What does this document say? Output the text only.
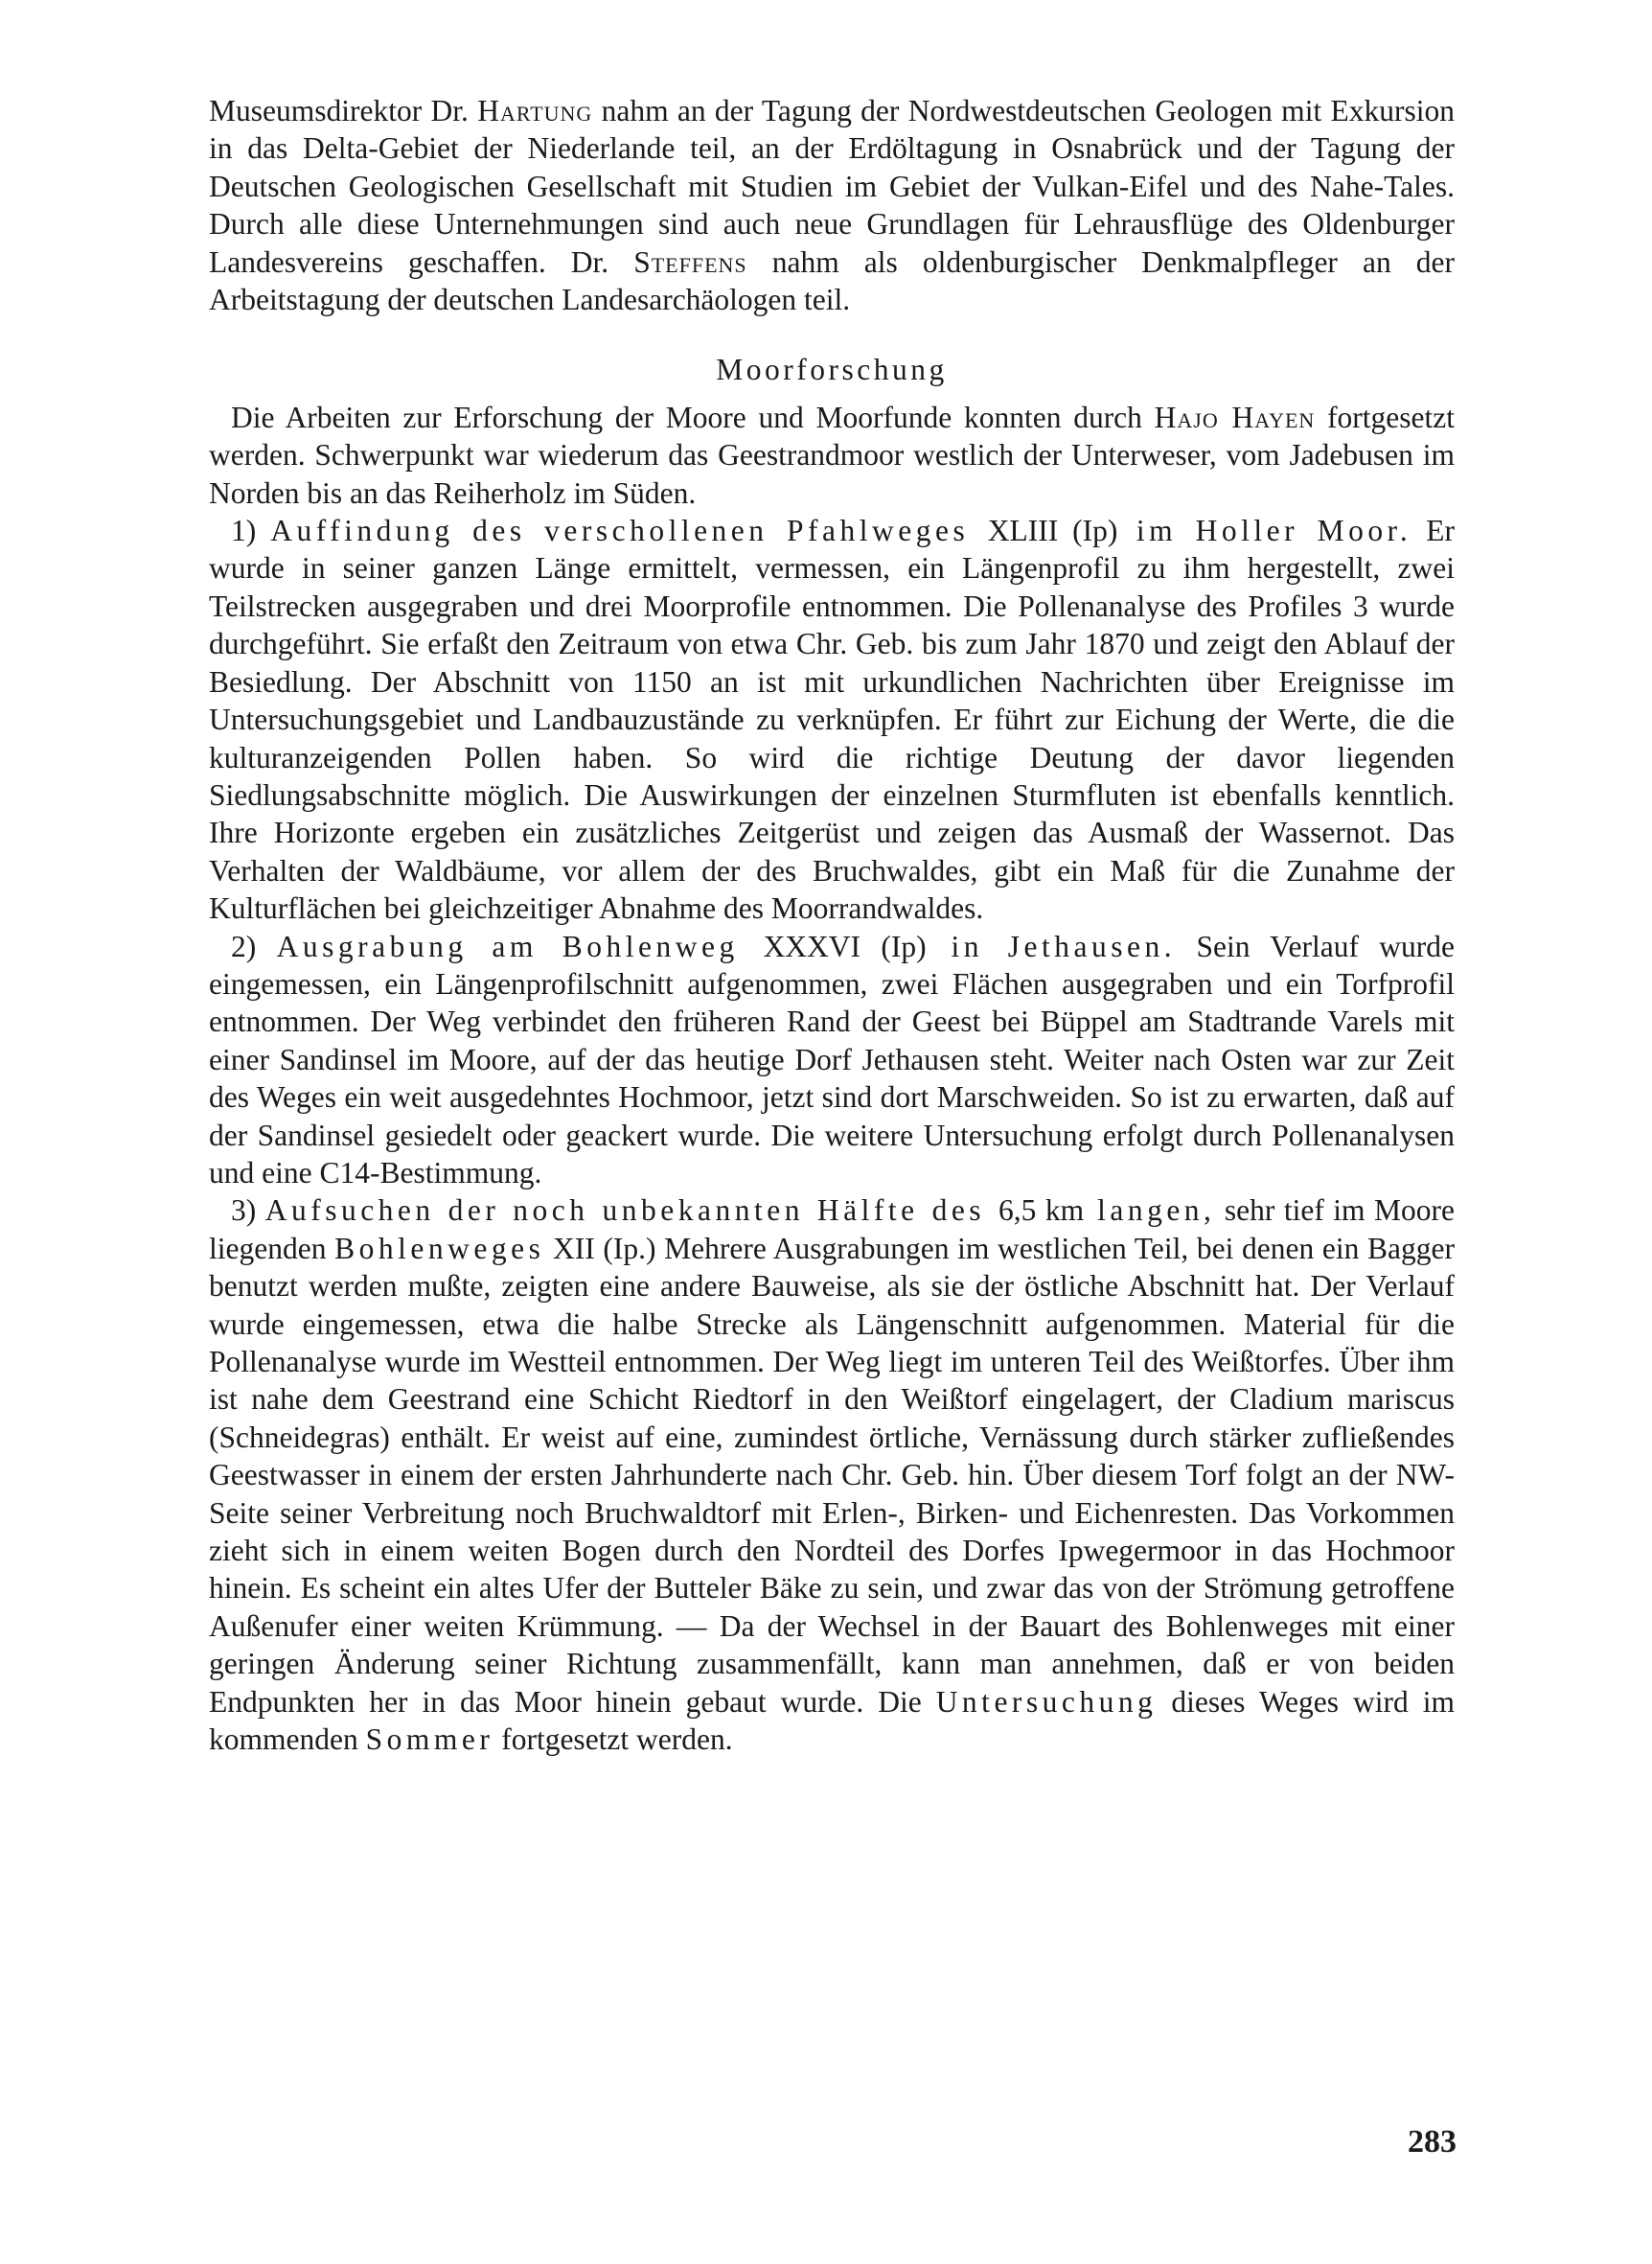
Museumsdirektor Dr. Hartung nahm an der Tagung der Nordwestdeutschen Geologen mit Exkursion in das Delta-Gebiet der Niederlande teil, an der Erdöltagung in Osnabrück und der Tagung der Deutschen Geologischen Gesellschaft mit Studien im Gebiet der Vulkan-Eifel und des Nahe-Tales. Durch alle diese Unternehmungen sind auch neue Grundlagen für Lehrausflüge des Oldenburger Landesvereins geschaffen. Dr. Steffens nahm als oldenburgischer Denkmalpfleger an der Arbeitstagung der deutschen Landesarchäologen teil.

Moorforschung

Die Arbeiten zur Erforschung der Moore und Moorfunde konnten durch Hajo Hayen fortgesetzt werden. Schwerpunkt war wiederum das Geestrandmoor westlich der Unterweser, vom Jadebusen im Norden bis an das Reiherholz im Süden.

1) Auffindung des verschollenen Pfahlweges XLIII (Ip) im Holler Moor. Er wurde in seiner ganzen Länge ermittelt, vermessen, ein Längenprofil zu ihm hergestellt, zwei Teilstrecken ausgegraben und drei Moorprofile entnommen. Die Pollenanalyse des Profiles 3 wurde durchgeführt. Sie erfaßt den Zeitraum von etwa Chr. Geb. bis zum Jahr 1870 und zeigt den Ablauf der Besiedlung. Der Abschnitt von 1150 an ist mit urkundlichen Nachrichten über Ereignisse im Untersuchungsgebiet und Landbauzustände zu verknüpfen. Er führt zur Eichung der Werte, die die kulturanzeigenden Pollen haben. So wird die richtige Deutung der davor liegenden Siedlungsabschnitte möglich. Die Auswirkungen der einzelnen Sturmfluten ist ebenfalls kenntlich. Ihre Horizonte ergeben ein zusätzliches Zeitgerüst und zeigen das Ausmaß der Wassernot. Das Verhalten der Waldbäume, vor allem der des Bruchwaldes, gibt ein Maß für die Zunahme der Kulturflächen bei gleichzeitiger Abnahme des Moorrandwaldes.

2) Ausgrabung am Bohlenweg XXXVI (Ip) in Jethausen. Sein Verlauf wurde eingemessen, ein Längenprofilschnitt aufgenommen, zwei Flächen ausgegraben und ein Torfprofil entnommen. Der Weg verbindet den früheren Rand der Geest bei Büppel am Stadtrande Varels mit einer Sandinsel im Moore, auf der das heutige Dorf Jethausen steht. Weiter nach Osten war zur Zeit des Weges ein weit ausgedehntes Hochmoor, jetzt sind dort Marschweiden. So ist zu erwarten, daß auf der Sandinsel gesiedelt oder geackert wurde. Die weitere Untersuchung erfolgt durch Pollenanalysen und eine C14-Bestimmung.

3) Aufsuchen der noch unbekannten Hälfte des 6,5 km langen, sehr tief im Moore liegenden Bohlenweges XII (Ip.) Mehrere Ausgrabungen im westlichen Teil, bei denen ein Bagger benutzt werden mußte, zeigten eine andere Bauweise, als sie der östliche Abschnitt hat. Der Verlauf wurde eingemessen, etwa die halbe Strecke als Längenschnitt aufgenommen. Material für die Pollenanalyse wurde im Westteil entnommen. Der Weg liegt im unteren Teil des Weißtorfes. Über ihm ist nahe dem Geestrand eine Schicht Riedtorf in den Weißtorf eingelagert, der Cladium mariscus (Schneidegras) enthält. Er weist auf eine, zumindest örtliche, Vernässung durch stärker zufließendes Geestwasser in einem der ersten Jahrhunderte nach Chr. Geb. hin. Über diesem Torf folgt an der NW-Seite seiner Verbreitung noch Bruchwaldtorf mit Erlen-, Birken- und Eichenresten. Das Vorkommen zieht sich in einem weiten Bogen durch den Nordteil des Dorfes Ipwegermoor in das Hochmoor hinein. Es scheint ein altes Ufer der Butteler Bäke zu sein, und zwar das von der Strömung getroffene Außenufer einer weiten Krümmung. — Da der Wechsel in der Bauart des Bohlenweges mit einer geringen Änderung seiner Richtung zusammenfällt, kann man annehmen, daß er von beiden Endpunkten her in das Moor hinein gebaut wurde. Die Untersuchung dieses Weges wird im kommenden Sommer fortgesetzt werden.

283
